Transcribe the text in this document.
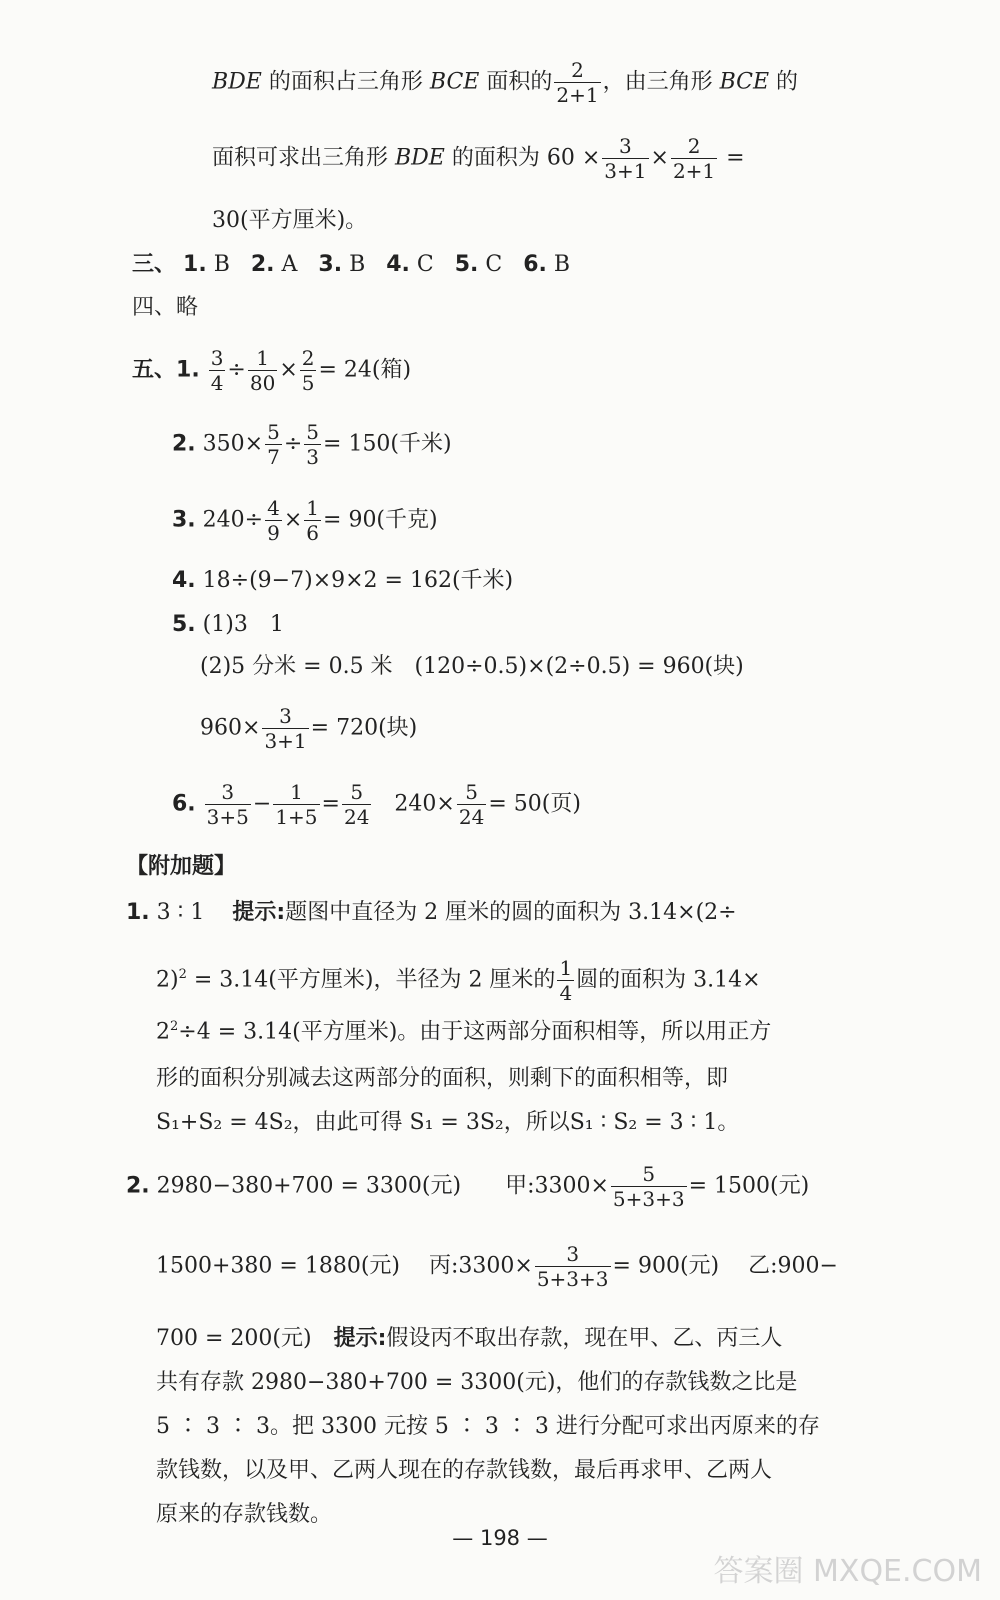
BDE 的面积占三角形 BCE 面积的 $\frac{2}{2+1}$ ，由三角形 BCE 的
面积可求出三角形 BDE 的面积为 $60 \times \frac{3}{3+1} \times \frac{2}{2+1}$ =
30(平方厘米)。
三、 1. B 2. A 3. B 4. C 5. C 6. B
四、略
五、1. $\frac{3}{4} \div \frac{1}{80} \times \frac{2}{5} = 24$(箱)
2. $350\times \frac{5}{7} \div \frac{5}{3} = 150$(千米)
3. $240\div \frac{4}{9} \times \frac{1}{6} = 90$(千克)
4. 18÷(9−7)×9×2 = 162(千米)
5. (1)3　1
(2)5 分米 = 0.5 米　(120÷0.5)×(2÷0.5) = 960(块)
$960\times \frac{3}{3+1} = 720$(块)
6. $\frac{3}{3+5} - \frac{1}{1+5} = \frac{5}{24} 240\times \frac{5}{24} = 50$(页)
【附加题】
1. 3 ∶ 1 提示:题图中直径为 2 厘米的圆的面积为 3.14×(2÷
2)$^2$ = 3.14(平方厘米)，半径为 2 厘米的 $\frac{1}{4}$ 圆的面积为 3.14×
$2^2\div 4 = 3.14$(平方厘米)。由于这两部分面积相等，所以用正方
形的面积分别减去这两部分的面积，则剩下的面积相等，即
S₁+S₂ = 4S₂，由此可得 S₁ = 3S₂，所以S₁ ∶ S₂ = 3 ∶ 1。
2. 2980−380+700 = 3300(元)　　甲:3300× $\frac{5}{5+3+3} = 1500$(元)
1500+380 = 1880(元)　 丙:3300× $\frac{3}{5+3+3} = 900$(元)　 乙:900−
700 = 200(元)　提示:假设丙不取出存款，现在甲、乙、丙三人
共有存款 2980−380+700 = 3300(元)，他们的存款钱数之比是
5 ∶ 3 ∶ 3。把 3300 元按 5 ∶ 3 ∶ 3 进行分配可求出丙原来的存
款钱数，以及甲、乙两人现在的存款钱数，最后再求甲、乙两人
原来的存款钱数。
— 198 —
答案圈 MXQE.COM
